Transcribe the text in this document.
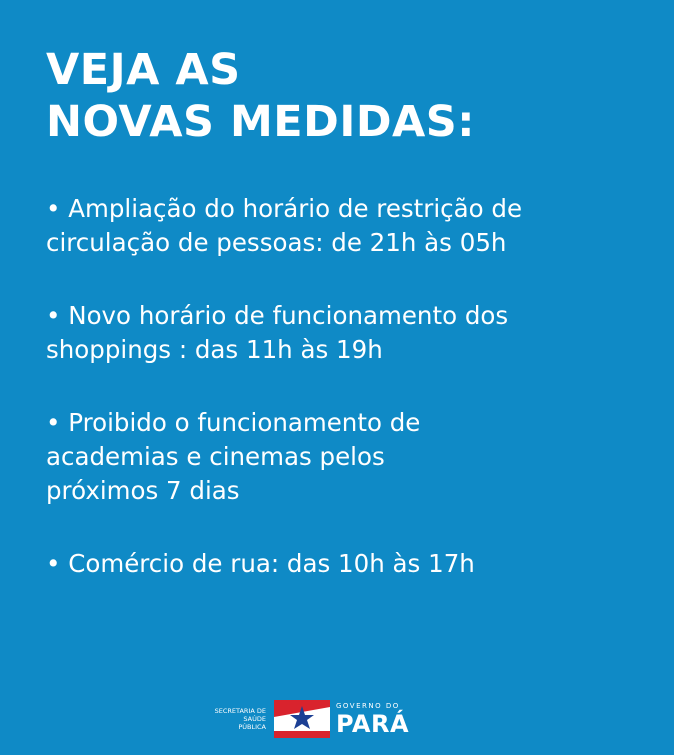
VEJA AS
NOVAS MEDIDAS:

• Ampliação do horário de restrição de
circulação de pessoas: de 21h às 05h

• Novo horário de funcionamento dos
shoppings : das 11h às 19h

• Proibido o funcionamento de
academias e cinemas pelos
próximos 7 dias

• Comércio de rua: das 10h às 17h

SECRETARIA DE
SAÚDE PÚBLICA
GOVERNO DO
PARÁ
